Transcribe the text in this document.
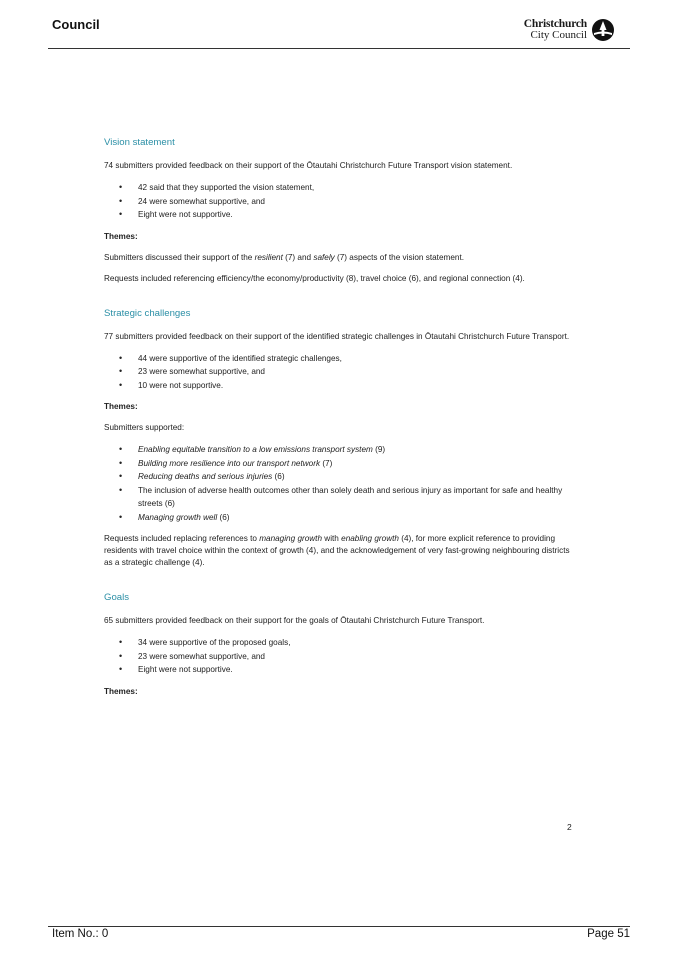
Council	Christchurch
City Council
Vision statement

74 submitters provided feedback on their support of the Ōtautahi Christchurch Future Transport vision statement.

• 42 said that they supported the vision statement,
• 24 were somewhat supportive, and
• Eight were not supportive.
Themes:

Submitters discussed their support of the resilient (7) and safely (7) aspects of the vision statement.

Requests included referencing efficiency/the economy/productivity (8), travel choice (6), and regional connection (4).

Strategic challenges

77 submitters provided feedback on their support of the identified strategic challenges in Ōtautahi Christchurch Future Transport.

• 44 were supportive of the identified strategic challenges,
• 23 were somewhat supportive, and
• 10 were not supportive.
Themes:

Submitters supported:

• Enabling equitable transition to a low emissions transport system (9)
• Building more resilience into our transport network (7)
• Reducing deaths and serious injuries (6)
• The inclusion of adverse health outcomes other than solely death and serious injury as important for safe and healthy streets (6)
• Managing growth well (6)

Requests included replacing references to managing growth with enabling growth (4), for more explicit reference to providing residents with travel choice within the context of growth (4), and the acknowledgement of very fast-growing neighbouring districts as a strategic challenge (4).

Goals

65 submitters provided feedback on their support for the goals of Ōtautahi Christchurch Future Transport.

• 34 were supportive of the proposed goals,
• 23 were somewhat supportive, and
• Eight were not supportive.
Themes:
2
Item No.: 0	Page 51
